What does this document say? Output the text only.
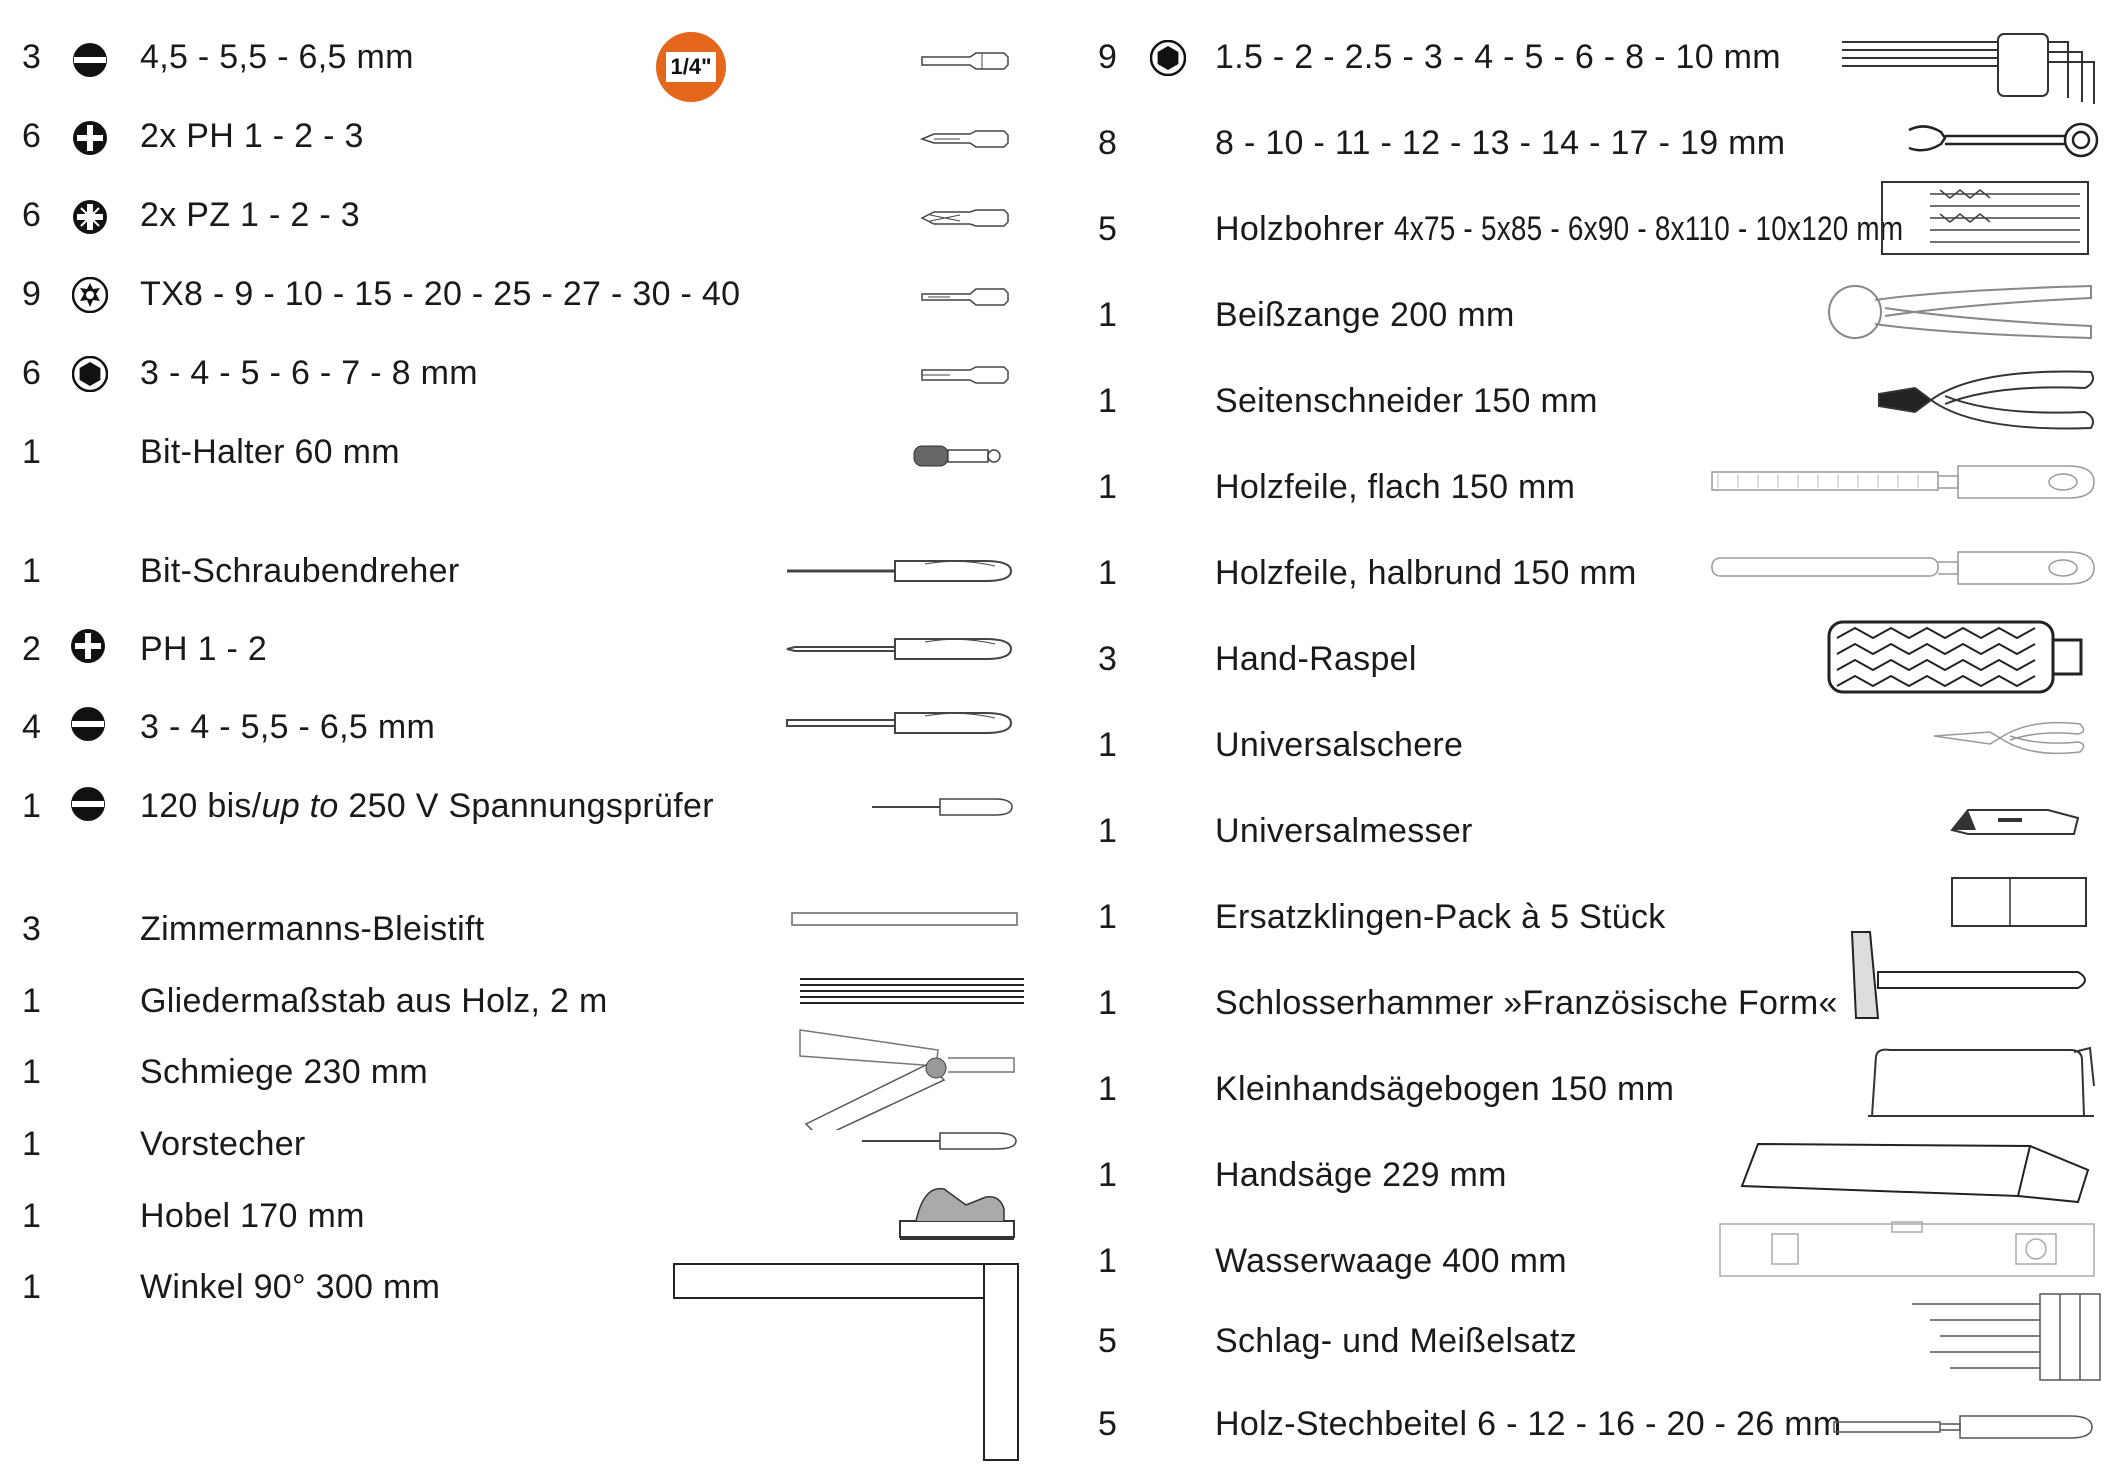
1/4"
3	4,5 - 5,5 - 6,5 mm
6	2x PH 1 - 2 - 3
6	2x PZ 1 - 2 - 3
9	TX8 - 9 - 10 - 15 - 20 - 25 - 27 - 30 - 40
6	3 - 4 - 5 - 6 - 7 - 8 mm
1	Bit-Halter 60 mm
1	Bit-Schraubendreher
2	PH 1 - 2
4	3 - 4 - 5,5 - 6,5 mm
1	120 bis/up to 250 V Spannungsprüfer
3	Zimmermanns-Bleistift
1	Gliedermaßstab aus Holz, 2 m
1	Schmiege 230 mm
1	Vorstecher
1	Hobel 170 mm
1	Winkel 90° 300 mm
9	1.5 - 2 - 2.5 - 3 - 4 - 5 - 6 - 8 - 10 mm
8	8 - 10 - 11 - 12 - 13 - 14 - 17 - 19 mm
5	Holzbohrer 4x75 - 5x85 - 6x90 - 8x110 - 10x120 mm
1	Beißzange 200 mm
1	Seitenschneider 150 mm
1	Holzfeile, flach 150 mm
1	Holzfeile, halbrund 150 mm
3	Hand-Raspel
1	Universalschere
1	Universalmesser
1	Ersatzklingen-Pack à 5 Stück
1	Schlosserhammer »Französische Form«
1	Kleinhandsägebogen 150 mm
1	Handsäge 229 mm
1	Wasserwaage 400 mm
5	Schlag- und Meißelsatz
5	Holz-Stechbeitel 6 - 12 - 16 - 20 - 26 mm
